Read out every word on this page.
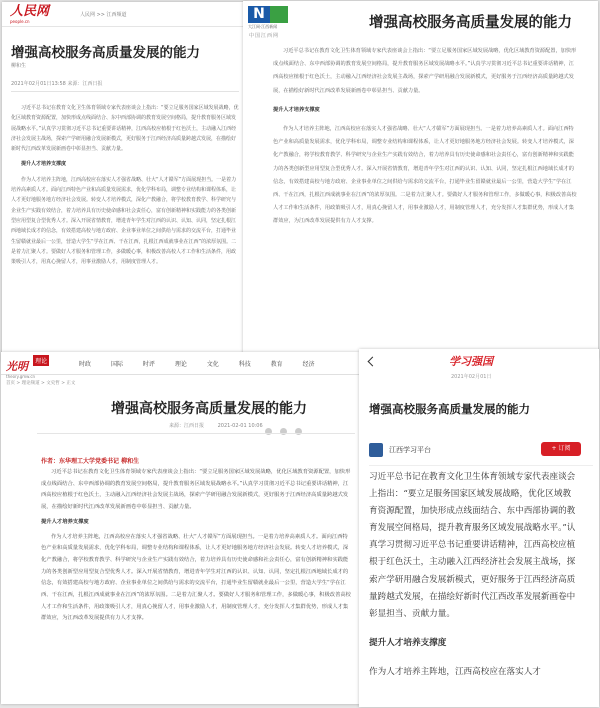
人民网
people.cn
人民网 >> 江西频道
增强高校服务高质量发展的能力
柳和生
2021年02月01日13:58 来源：江西日报

习近平总书记在教育文化卫生体育领域专家代表座谈会上指出：“要立足服务国家区域发展战略，优化区域教育资源配置，加快形成点线面结合、东中西部协调的教育发展空间格局，提升教育服务区域发展战略水平。”认真学习贯彻习近平总书记重要讲话精神，江西高校应植根于红色沃土，主动融入江西经济社会发展主战场，探索产学研用融合发展新模式，更好服务于江西经济高质量跨越式发展，在描绘好新时代江西改革发展新画卷中彰显担当、贡献力量。

提升人才培养支撑度

作为人才培养主阵地，江西高校应在落实人才强省战略、壮大“人才赣军”方面展现担当。一是着力培养高素质人才。面向江西特色产业和高质量发展需求，优化学科布局，调整专业结构和课程体系，让人才更好地服务地方经济社会发展。转变人才培养模式，深化产教融合，将学校教育教学、科学研究与企业生产实践有效结合，着力培养具有历史使命感和社会责任心，富有创新精神和实践能力的各类创新型应用型复合型优秀人才。深入开展省情教育，增进青年学生对江西的认识、认知、认同，坚定扎根江西地域长成才的信念，有效搭建高校与地方政府、企业事业单位之间供给与需求的交流平台，打通毕业生留赣就业最后一公里，营造大学生“学在江西、干在江西，扎根江西成就事业在江西”的浓厚氛围。二是着力汇聚人才。要做好人才服务和管理工作，多做暖心事，积极改善高校人才工作和生活条件，用政策吸引人才，用真心挽留人才，用事业激励人才，用制度管理人才。

N
大江网·江西新闻
中国江西网
增强高校服务高质量发展的能力

习近平总书记在教育文化卫生体育领域专家代表座谈会上指出：“要立足服务国家区域发展战略，优化区域教育资源配置，加快形成点线面结合、东中西部协调的教育发展空间格局，提升教育服务区域发展战略水平。”认真学习贯彻习近平总书记重要讲话精神，江西高校应植根于红色沃土，主动融入江西经济社会发展主战场，探索产学研用融合发展新模式，更好服务于江西经济高质量跨越式发展，在描绘好新时代江西改革发展新画卷中彰显担当、贡献力量。

提升人才培养支撑度

作为人才培养主阵地，江西高校应在落实人才强省战略、壮大“人才赣军”方面展现担当。一是着力培养高素质人才。面向江西特色产业和高质量发展需求，优化学科布局，调整专业结构和课程体系，让人才更好地服务地方经济社会发展。转变人才培养模式，深化产教融合，将学校教育教学、科学研究与企业生产实践有效结合，着力培养具有历史使命感和社会责任心，富有创新精神和实践能力的各类创新型应用型复合型优秀人才。深入开展省情教育，增进青年学生对江西的认识、认知、认同，坚定扎根江西地域长成才的信念，有效搭建高校与地方政府、企业事业单位之间供给与需求的交流平台，打通毕业生留赣就业最后一公里，营造大学生“学在江西、干在江西，扎根江西成就事业在江西”的浓厚氛围。二是着力汇聚人才。要做好人才服务和管理工作，多做暖心事，积极改善高校人才工作和生活条件，用政策吸引人才，用真心挽留人才，用事业激励人才，用制度管理人才，充分发挥人才集群优势，形成人才集群效应，为江西改革发展提供有力人才支撑。

光明 理论
theory.gmw.cn
时政	国际	时评	理论	文化	科技	教育	经济
首页 > 理论频道 > 文史哲 > 正文
增强高校服务高质量发展的能力
来源：江西日报	2021-02-01 10:06

作者：东华理工大学党委书记 柳和生

习近平总书记在教育文化卫生体育领域专家代表座谈会上指出：“要立足服务国家区域发展战略，优化区域教育资源配置，加快形成点线面结合、东中西部协调的教育发展空间格局，提升教育服务区域发展战略水平。”认真学习贯彻习近平总书记重要讲话精神，江西高校应植根于红色沃土，主动融入江西经济社会发展主战场，探索产学研用融合发展新模式，更好服务于江西经济高质量跨越式发展，在描绘好新时代江西改革发展新画卷中彰显担当、贡献力量。

提升人才培养支撑度

作为人才培养主阵地，江西高校应在落实人才强省战略、壮大“人才赣军”方面展现担当。一是着力培养高素质人才。面向江西特色产业和高质量发展需求，优化学科布局，调整专业结构和课程体系，让人才更好地服务地方经济社会发展。转变人才培养模式，深化产教融合，将学校教育教学、科学研究与企业生产实践有效结合，着力培养具有历史使命感和社会责任心，富有创新精神和实践能力的各类创新型应用型复合型优秀人才。深入开展省情教育，增进青年学生对江西的认识、认知、认同，坚定扎根江西地域长成才的信念，有效搭建高校与地方政府、企业事业单位之间供给与需求的交流平台，打通毕业生留赣就业最后一公里，营造大学生“学在江西、干在江西，扎根江西成就事业在江西”的浓厚氛围。二是着力汇聚人才。要做好人才服务和管理工作，多做暖心事，积极改善高校人才工作和生活条件，用政策吸引人才，用真心挽留人才，用事业激励人才，用制度管理人才，充分发挥人才集群优势，形成人才集群效应，为江西改革发展提供有力人才支撑。

学习强国
2021年02月01日
增强高校服务高质量发展的能力
江西学习平台	+ 订阅

习近平总书记在教育文化卫生体育领域专家代表座谈会上指出：“要立足服务国家区域发展战略，优化区域教育资源配置，加快形成点线面结合、东中西部协调的教育发展空间格局，提升教育服务区域发展战略水平。”认真学习贯彻习近平总书记重要讲话精神，江西高校应植根于红色沃土，主动融入江西经济社会发展主战场，探索产学研用融合发展新模式，更好服务于江西经济高质量跨越式发展，在描绘好新时代江西改革发展新画卷中彰显担当、贡献力量。

提升人才培养支撑度

作为人才培养主阵地，江西高校应在落实人才
